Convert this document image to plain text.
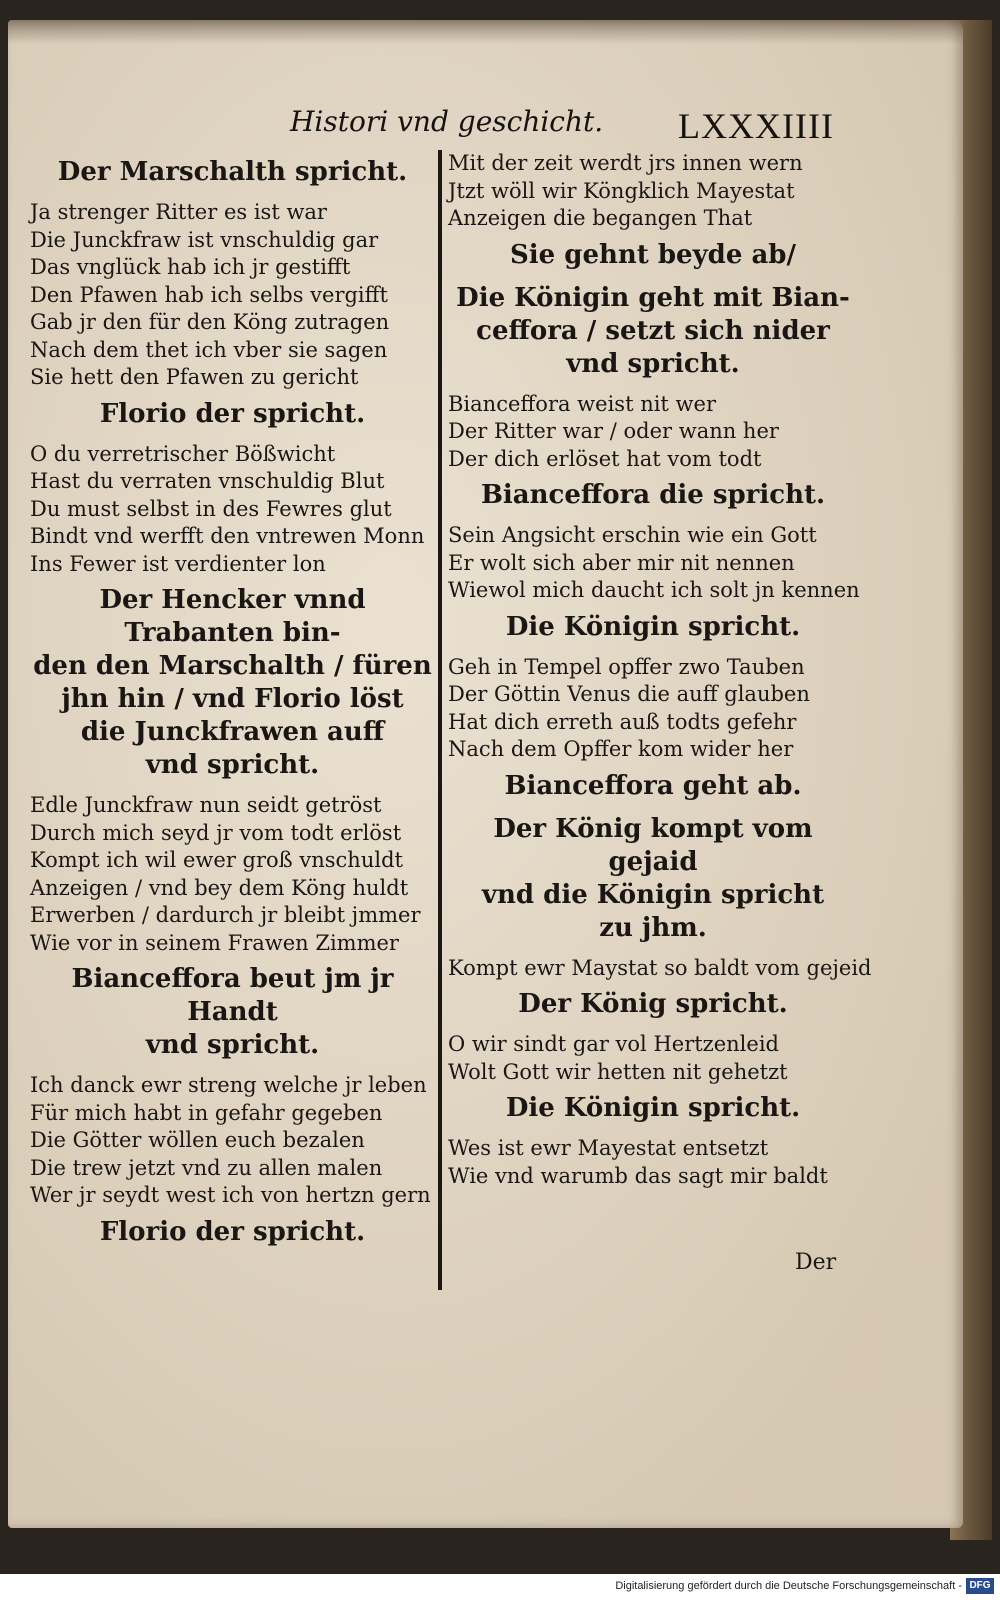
Histori vnd geschicht. LXXXIIII
Der Marschalth spricht.
Ja strenger Ritter es ist war
Die Junckfraw ist vnschuldig gar
Das vnglück hab ich jr gestifft
Den Pfawen hab ich selbs vergifft
Gab jr den für den Köng zutragen
Nach dem thet ich vber sie sagen
Sie hett den Pfawen zu gericht
Florio der spricht.
O du verretrischer Bößwicht
Hast du verraten vnschuldig Blut
Du must selbst in des Fewres glut
Bindt vnd werfft den vntrewen Monn
Ins Fewer ist verdienter lon
Der Hencker vnnd Trabanten bin-
den den Marschalth / füren
jhn hin / vnd Florio löst
die Junckfrawen auff
vnd spricht.
Edle Junckfraw nun seidt getröst
Durch mich seyd jr vom todt erlöst
Kompt ich wil ewer groß vnschuldt
Anzeigen / vnd bey dem Köng huldt
Erwerben / dardurch jr bleibt jmmer
Wie vor in seinem Frawen Zimmer
Bianceffora beut jm jr Handt
vnd spricht.
Ich danck ewr streng welche jr leben
Für mich habt in gefahr gegeben
Die Götter wöllen euch bezalen
Die trew jetzt vnd zu allen malen
Wer jr seydt west ich von hertzn gern
Florio der spricht.
Mit der zeit werdt jrs innen wern
Jtzt wöll wir Köngklich Mayestat
Anzeigen die begangen That
Sie gehnt beyde ab/
Die Königin geht mit Bian-
ceffora / setzt sich nider
vnd spricht.
Bianceffora weist nit wer
Der Ritter war / oder wann her
Der dich erlöset hat vom todt
Bianceffora die spricht.
Sein Angsicht erschin wie ein Gott
Er wolt sich aber mir nit nennen
Wiewol mich daucht ich solt jn kennen
Die Königin spricht.
Geh in Tempel opffer zwo Tauben
Der Göttin Venus die auff glauben
Hat dich erreth auß todts gefehr
Nach dem Opffer kom wider her
Bianceffora geht ab.
Der König kompt vom gejaid
vnd die Königin spricht
zu jhm.
Kompt ewr Maystat so baldt vom gejeid
Der König spricht.
O wir sindt gar vol Hertzenleid
Wolt Gott wir hetten nit gehetzt
Die Königin spricht.
Wes ist ewr Mayestat entsetzt
Wie vnd warumb das sagt mir baldt
Der
Digitalisierung gefördert durch die Deutsche Forschungsgemeinschaft - DFG
